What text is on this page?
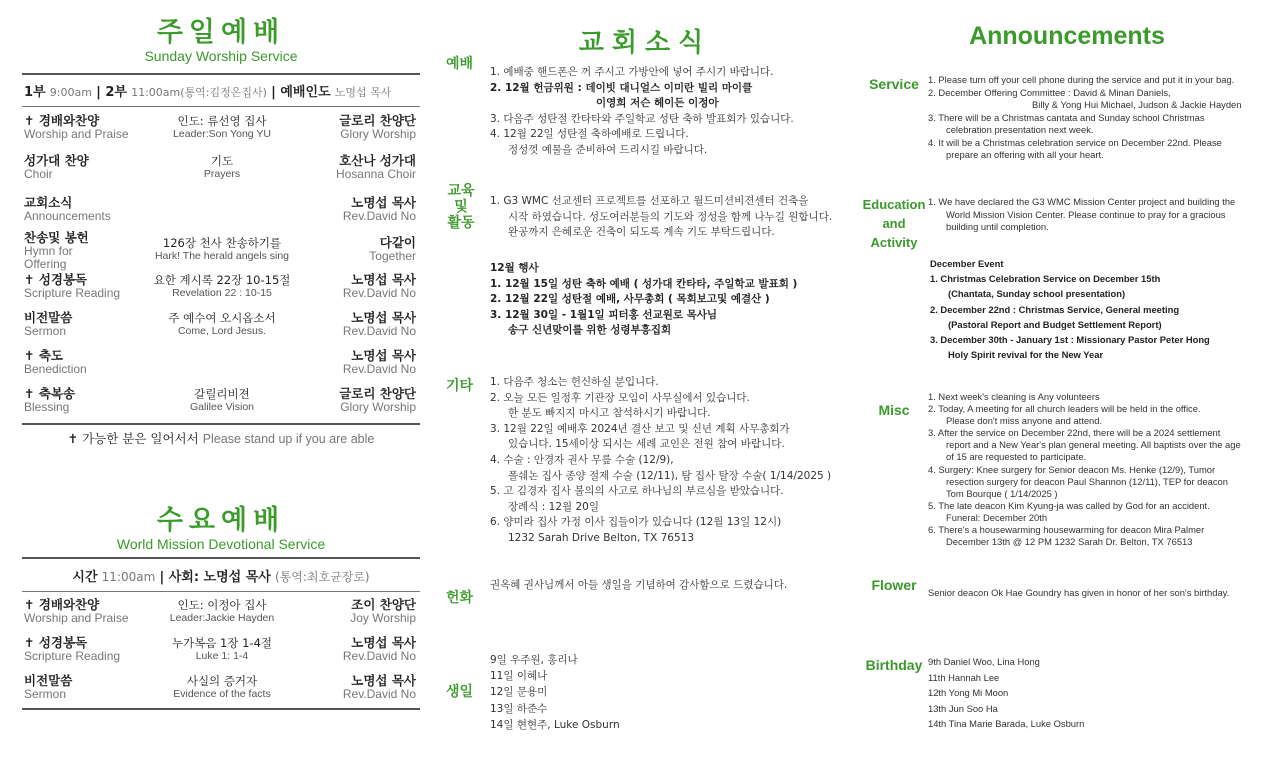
주일예배
Sunday Worship Service
1부 9:00am | 2부 11:00am(통역:김정은집사) | 예배인도 노명섭 목사
✝ 경배와찬양
Worship and Praise
인도: 류선영 집사
Leader:Son Yong YU
글로리 찬양단
Glory Worship
성가대 찬양
Choir
기도
Prayers
호산나 성가대
Hosanna Choir
교회소식
Announcements
노명섭 목사
Rev.David No
찬송및 봉헌
Hymn for
Offering
126장 천사 찬송하기를
Hark! The herald angels sing
다같이
Together
✝ 성경봉독
Scripture Reading
요한 계시록 22장 10-15절
Revelation 22 : 10-15
노명섭 목사
Rev.David No
비전말씀
Sermon
주 예수여 오시옵소서
Come, Lord Jesus.
노명섭 목사
Rev.David No
✝ 축도
Benediction
노명섭 목사
Rev.David No
✝ 축복송
Blessing
갈릴리비젼
Galilee Vision
글로리 찬양단
Glory Worship
✝ 가능한 분은 일어서서 Please stand up if you are able
수요예배
World Mission Devotional Service
시간 11:00am | 사회: 노명섭 목사 (통역:최호균장로)
✝ 경배와찬양
Worship and Praise
인도: 이정아 집사
Leader:Jackie Hayden
조이 찬양단
Joy Worship
✝ 성경봉독
Scripture Reading
누가복음 1장 1-4절
Luke 1: 1-4
노명섭 목사
Rev.David No
비전말씀
Sermon
사실의 증거자
Evidence of the facts
노명섭 목사
Rev.David No
교회소식
예배 1. 예배중 핸드폰은 꺼 주시고 가방안에 넣어 주시기 바랍니다.
2. 12월 헌금위원 : 데이빗 대니얼스 이미란 빌리 마이클
이영희 저슨 헤이든 이정아
3. 다음주 성탄절 칸타타와 주일학교 성탄 축하 발표회가 있습니다.
4. 12월 22일 성탄절 축하예배로 드립니다.
정성껏 예물을 준비하여 드리시길 바랍니다.
교육
및
활동
1. G3 WMC 선교센터 프로젝트를 선포하고 월드미션비젼센터 건축을
시작 하였습니다. 성도여러분들의 기도와 정성을 함께 나누길 원합니다.
완공까지 은혜로운 건축이 되도록 계속 기도 부탁드립니다.
12월 행사
1. 12월 15일 성탄 축하 예배 ( 성가대 칸타타, 주일학교 발표회 )
2. 12월 22일 성탄절 예배, 사무총회 ( 목회보고및 예결산 )
3. 12월 30일 - 1월1일 피터홍 선교원로 목사님
송구 신년맞이를 위한 성령부흥집회
기타 1. 다음주 청소는 헌신하실 분입니다.
2. 오늘 모든 일정후 기관장 모임이 사무실에서 있습니다.
한 분도 빠지지 마시고 참석하시기 바랍니다.
3. 12월 22일 예배후 2024년 결산 보고 및 신년 계획 사무총회가
있습니다. 15세이상 되시는 세례 교인은 전원 참여 바랍니다.
4. 수술 : 안경자 권사 무릎 수술 (12/9),
폴쉐논 집사 종양 절제 수술 (12/11), 탐 집사 탈장 수술( 1/14/2025 )
5. 고 김경자 집사 불의의 사고로 하나님의 부르심을 받았습니다.
장례식 : 12월 20일
6. 양미라 집사 가정 이사 집들이가 있습니다 (12월 13일 12시)
1232 Sarah Drive Belton, TX 76513
헌화
권옥혜 권사님께서 아들 생일을 기념하여 감사함으로 드렸습니다.
생일
9일 우주원, 홍리나
11일 이혜나
12일 문용미
13일 하준수
14일 현현주, Luke Osburn
Announcements
Service 1. Please turn off your cell phone during the service and put it in your bag.
2. December Offering Committee : David & Minan Daniels,
Billy & Yong Hui Michael, Judson & Jackie Hayden
3. There will be a Christmas cantata and Sunday school Christmas
celebration presentation next week.
4. It will be a Christmas celebration service on December 22nd. Please
prepare an offering with all your heart.
Education
and
Activity
1. We have declared the G3 WMC Mission Center project and building the
World Mission Vision Center. Please continue to pray for a gracious
building until completion.
December Event
1. Christmas Celebration Service on December 15th
(Chantata, Sunday school presentation)
2. December 22nd : Christmas Service, General meeting
(Pastoral Report and Budget Settlement Report)
3. December 30th - January 1st : Missionary Pastor Peter Hong
Holy Spirit revival for the New Year
Misc
1. Next week's cleaning is Any volunteers
2. Today, A meeting for all church leaders will be held in the office.
Please don't miss anyone and attend.
3. After the service on December 22nd, there will be a 2024 settlement
report and a New Year's plan general meeting. All baptists over the age
of 15 are requested to participate.
4. Surgery: Knee surgery for Senior deacon Ms. Henke (12/9), Tumor
resection surgery for deacon Paul Shannon (12/11), TEP for deacon
Tom Bourque ( 1/14/2025 )
5. The late deacon Kim Kyung-ja was called by God for an accident.
Funeral: December 20th
6. There's a housewarming housewarming for deacon Mira Palmer
December 13th @ 12 PM 1232 Sarah Dr. Belton, TX 76513
Flower	Senior deacon Ok Hae Goundry has given in honor of her son's birthday.
Birthday 9th Daniel Woo, Lina Hong
11th Hannah Lee
12th Yong Mi Moon
13th Jun Soo Ha
14th Tina Marie Barada, Luke Osburn
